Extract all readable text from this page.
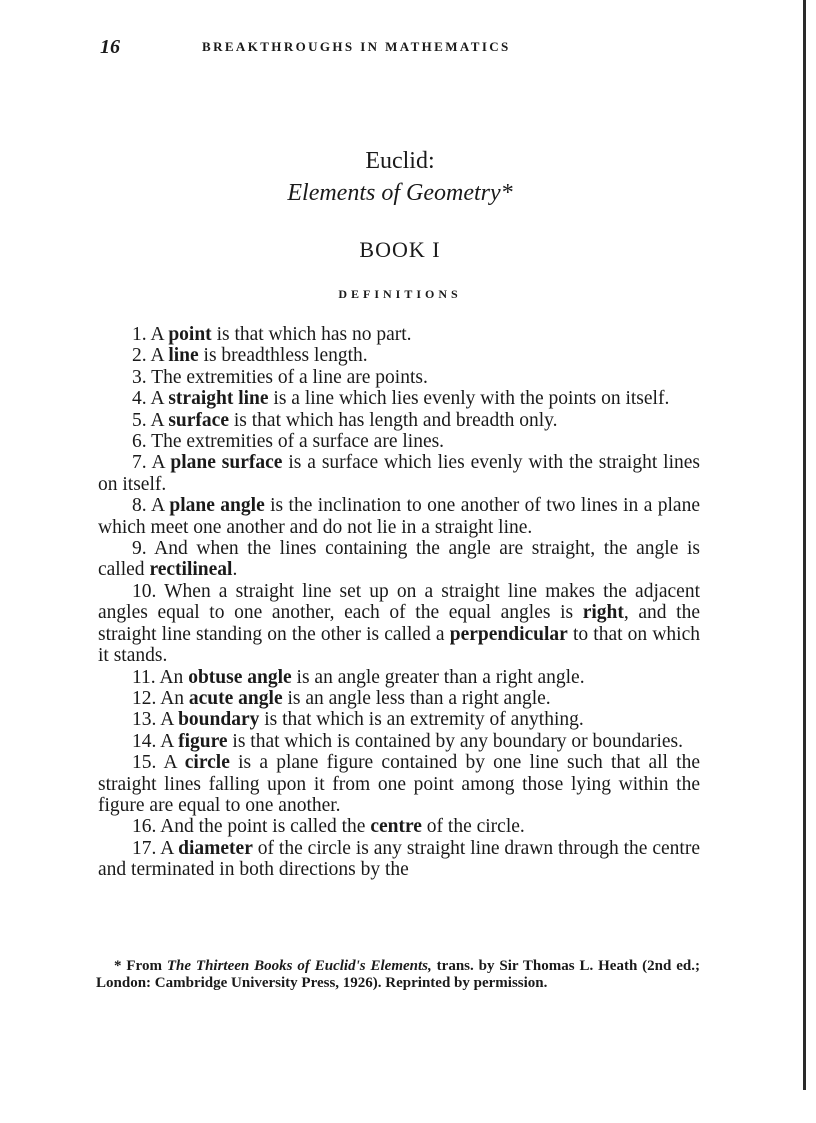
16	BREAKTHROUGHS IN MATHEMATICS
Euclid:
Elements of Geometry*
BOOK I
DEFINITIONS

1. A point is that which has no part.

2. A line is breadthless length.

3. The extremities of a line are points.

4. A straight line is a line which lies evenly with the points on itself.

5. A surface is that which has length and breadth only.

6. The extremities of a surface are lines.

7. A plane surface is a surface which lies evenly with the straight lines on itself.

8. A plane angle is the inclination to one another of two lines in a plane which meet one another and do not lie in a straight line.

9. And when the lines containing the angle are straight, the angle is called rectilineal.

10. When a straight line set up on a straight line makes the adjacent angles equal to one another, each of the equal angles is right, and the straight line standing on the other is called a perpendicular to that on which it stands.

11. An obtuse angle is an angle greater than a right angle.

12. An acute angle is an angle less than a right angle.

13. A boundary is that which is an extremity of anything.

14. A figure is that which is contained by any boundary or boundaries.

15. A circle is a plane figure contained by one line such that all the straight lines falling upon it from one point among those lying within the figure are equal to one another.

16. And the point is called the centre of the circle.

17. A diameter of the circle is any straight line drawn through the centre and terminated in both directions by the

* From The Thirteen Books of Euclid's Elements, trans. by Sir Thomas L. Heath (2nd ed.; London: Cambridge University Press, 1926). Reprinted by permission.
